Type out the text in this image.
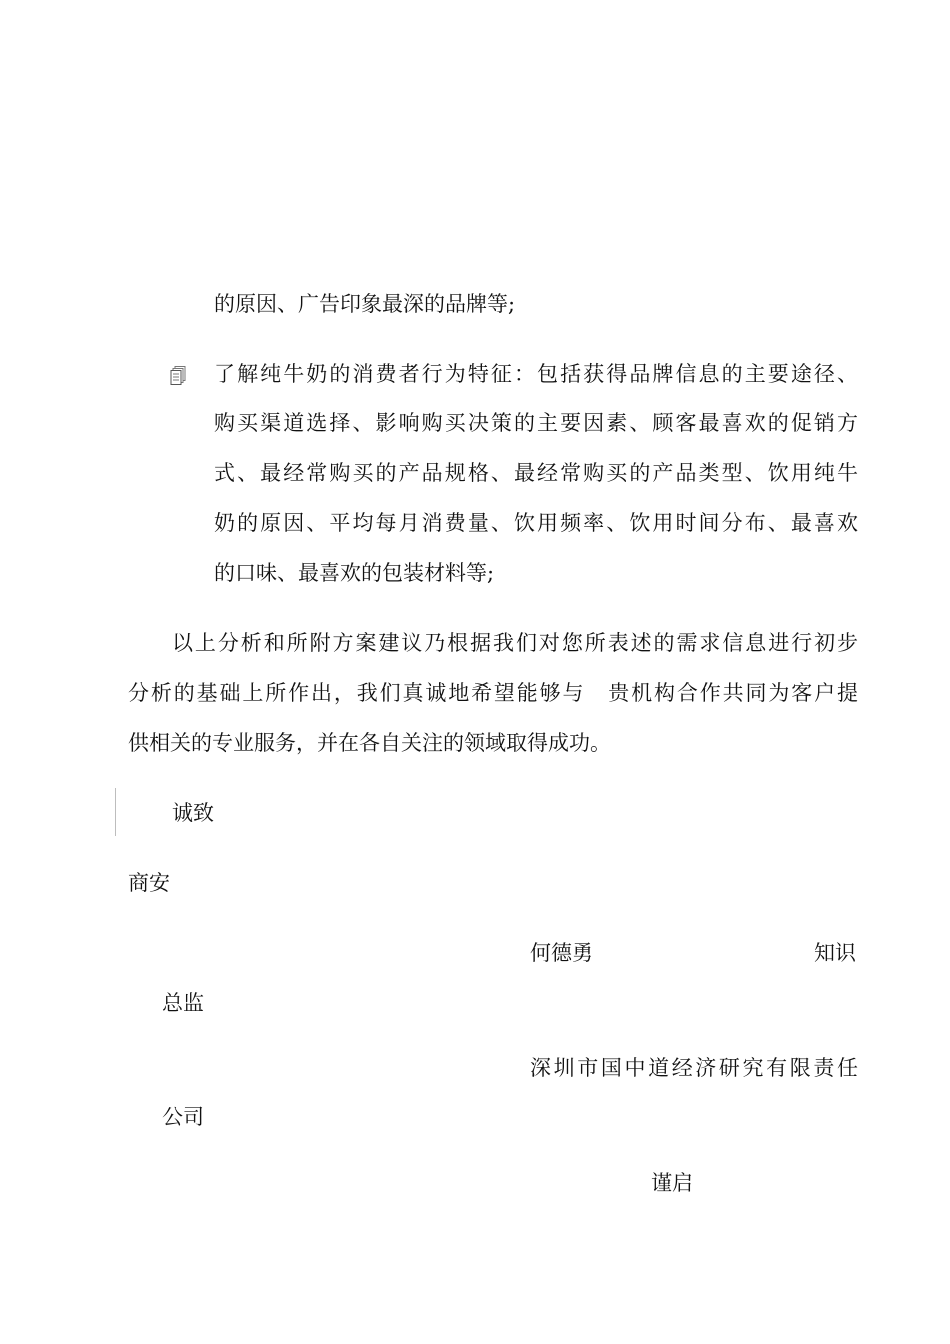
的原因、广告印象最深的品牌等;
了解纯牛奶的消费者行为特征：包括获得品牌信息的主要途径、
购买渠道选择、影响购买决策的主要因素、顾客最喜欢的促销方
式、最经常购买的产品规格、最经常购买的产品类型、饮用纯牛
奶的原因、平均每月消费量、饮用频率、饮用时间分布、最喜欢
的口味、最喜欢的包装材料等;
以上分析和所附方案建议乃根据我们对您所表述的需求信息进行初步
分析的基础上所作出，我们真诚地希望能够与　贵机构合作共同为客户提
供相关的专业服务，并在各自关注的领域取得成功。
诚致
商安
何德勇	知识
总监
深圳市国中道经济研究有限责任
公司
谨启
